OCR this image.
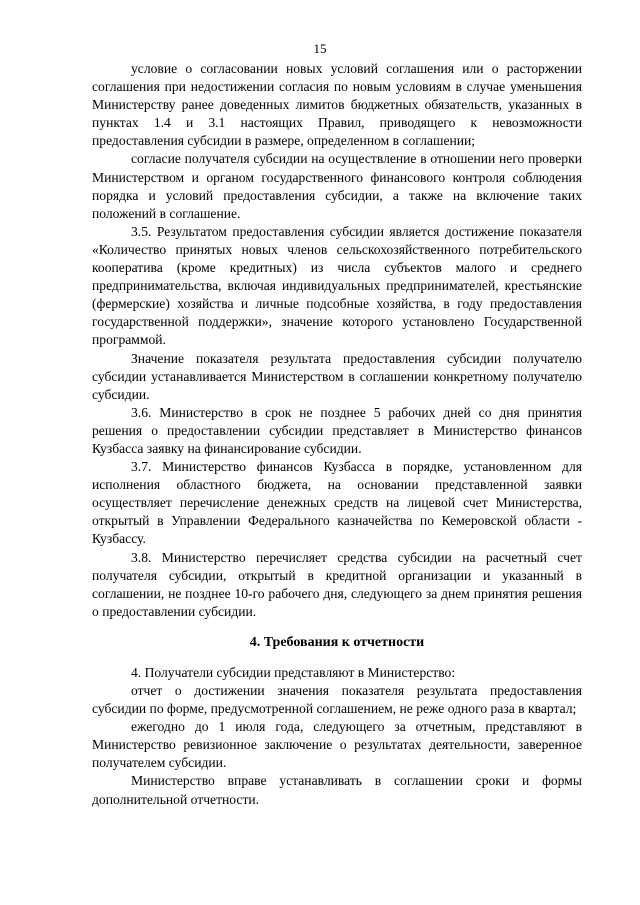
15

условие о согласовании новых условий соглашения или о расторжении соглашения при недостижении согласия по новым условиям в случае уменьшения Министерству ранее доведенных лимитов бюджетных обязательств, указанных в пунктах 1.4 и 3.1 настоящих Правил, приводящего к невозможности предоставления субсидии в размере, определенном в соглашении;

согласие получателя субсидии на осуществление в отношении него проверки Министерством и органом государственного финансового контроля соблюдения порядка и условий предоставления субсидии, а также на включение таких положений в соглашение.

3.5. Результатом предоставления субсидии является достижение показателя «Количество принятых новых членов сельскохозяйственного потребительского кооператива (кроме кредитных) из числа субъектов малого и среднего предпринимательства, включая индивидуальных предпринимателей, крестьянские (фермерские) хозяйства и личные подсобные хозяйства, в году предоставления государственной поддержки», значение которого установлено Государственной программой.

Значение показателя результата предоставления субсидии получателю субсидии устанавливается Министерством в соглашении конкретному получателю субсидии.

3.6. Министерство в срок не позднее 5 рабочих дней со дня принятия решения о предоставлении субсидии представляет в Министерство финансов Кузбасса заявку на финансирование субсидии.

3.7. Министерство финансов Кузбасса в порядке, установленном для исполнения областного бюджета, на основании представленной заявки осуществляет перечисление денежных средств на лицевой счет Министерства, открытый в Управлении Федерального казначейства по Кемеровской области - Кузбассу.

3.8. Министерство перечисляет средства субсидии на расчетный счет получателя субсидии, открытый в кредитной организации и указанный в соглашении, не позднее 10-го рабочего дня, следующего за днем принятия решения о предоставлении субсидии.

4. Требования к отчетности

4. Получатели субсидии представляют в Министерство:

отчет о достижении значения показателя результата предоставления субсидии по форме, предусмотренной соглашением, не реже одного раза в квартал;

ежегодно до 1 июля года, следующего за отчетным, представляют в Министерство ревизионное заключение о результатах деятельности, заверенное получателем субсидии.

Министерство вправе устанавливать в соглашении сроки и формы дополнительной отчетности.
